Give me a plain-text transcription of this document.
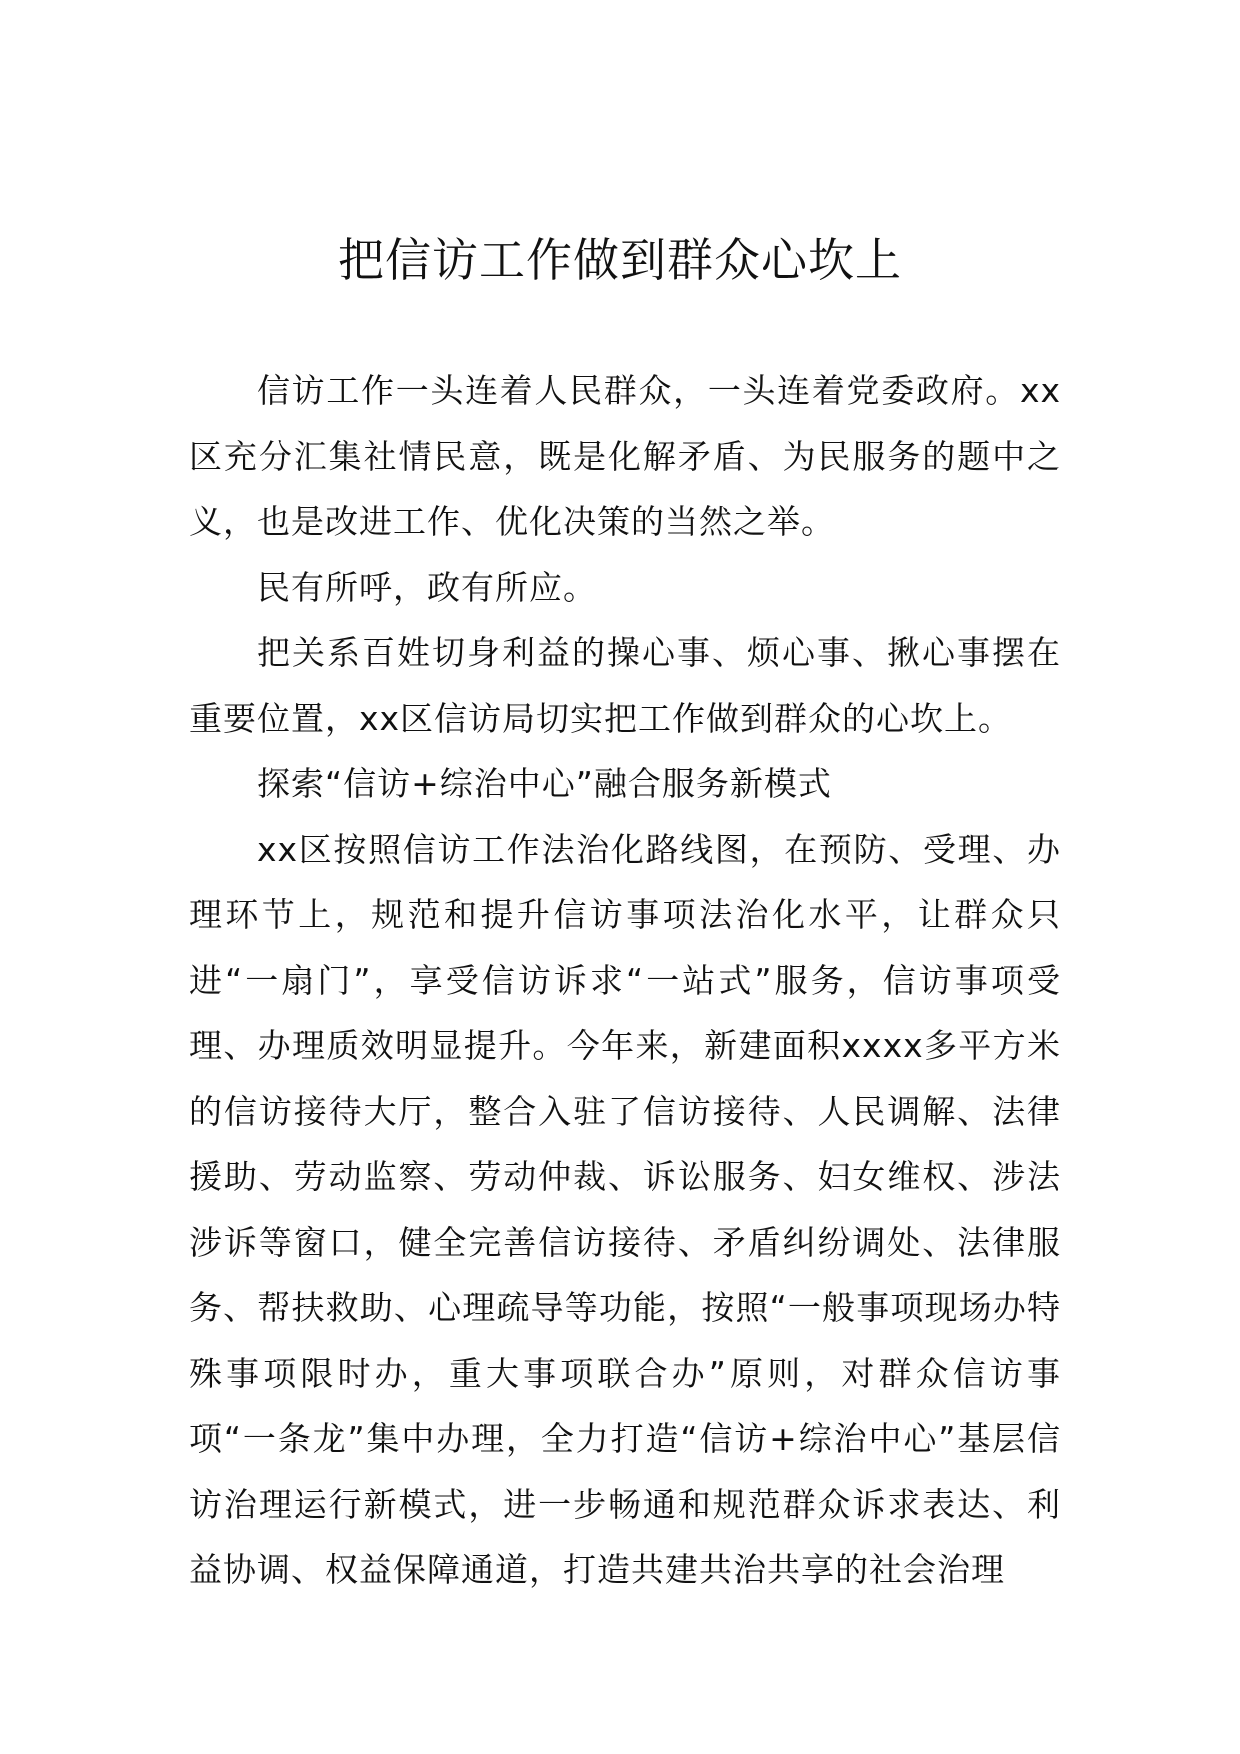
把信访工作做到群众心坎上

信访工作一头连着人民群众，一头连着党委政府。xx区充分汇集社情民意，既是化解矛盾、为民服务的题中之义，也是改进工作、优化决策的当然之举。

民有所呼，政有所应。

把关系百姓切身利益的操心事、烦心事、揪心事摆在重要位置，xx区信访局切实把工作做到群众的心坎上。

探索“信访+综治中心”融合服务新模式

xx区按照信访工作法治化路线图，在预防、受理、办理环节上，规范和提升信访事项法治化水平，让群众只进“一扇门”，享受信访诉求“一站式”服务，信访事项受理、办理质效明显提升。今年来，新建面积xxxx多平方米的信访接待大厅，整合入驻了信访接待、人民调解、法律援助、劳动监察、劳动仲裁、诉讼服务、妇女维权、涉法涉诉等窗口，健全完善信访接待、矛盾纠纷调处、法律服务、帮扶救助、心理疏导等功能，按照“一般事项现场办特殊事项限时办，重大事项联合办”原则，对群众信访事项“一条龙”集中办理，全力打造“信访+综治中心”基层信访治理运行新模式，进一步畅通和规范群众诉求表达、利益协调、权益保障通道，打造共建共治共享的社会治理
